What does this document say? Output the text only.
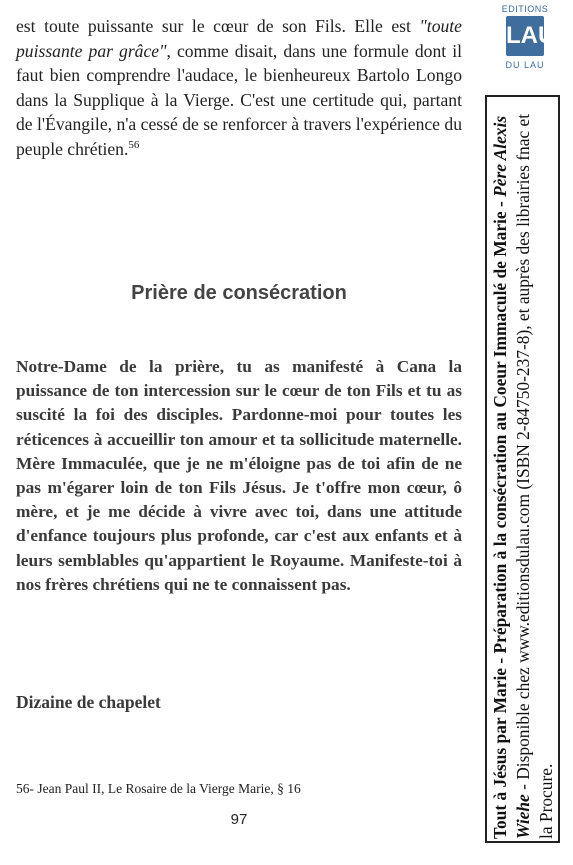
est toute puissante sur le cœur de son Fils. Elle est "toute puissante par grâce", comme disait, dans une formule dont il faut bien comprendre l'audace, le bienheureux Bartolo Longo dans la Supplique à la Vierge. C'est une certitude qui, partant de l'Évangile, n'a cessé de se renforcer à travers l'expérience du peuple chrétien.$^{56}$

Prière de consécration

Notre-Dame de la prière, tu as manifesté à Cana la puissance de ton intercession sur le cœur de ton Fils et tu as suscité la foi des disciples. Pardonne-moi pour toutes les réticences à accueillir ton amour et ta sollicitude maternelle. Mère Immaculée, que je ne m'éloigne pas de toi afin de ne pas m'égarer loin de ton Fils Jésus. Je t'offre mon cœur, ô mère, et je me décide à vivre avec toi, dans une attitude d'enfance toujours plus profonde, car c'est aux enfants et à leurs semblables qu'appartient le Royaume. Manifeste-toi à nos frères chrétiens qui ne te connaissent pas.

Dizaine de chapelet
56- Jean Paul II, Le Rosaire de la Vierge Marie, § 16
97
EDITIONS
LAU
DU LAU
Tout à Jésus par Marie - Préparation à la consécration au Coeur Immaculé de Marie - Père Alexis Wiehe - Disponible chez www.editionsdulau.com (ISBN 2-84750-237-8), et auprès des librairies fnac et la Procure.
